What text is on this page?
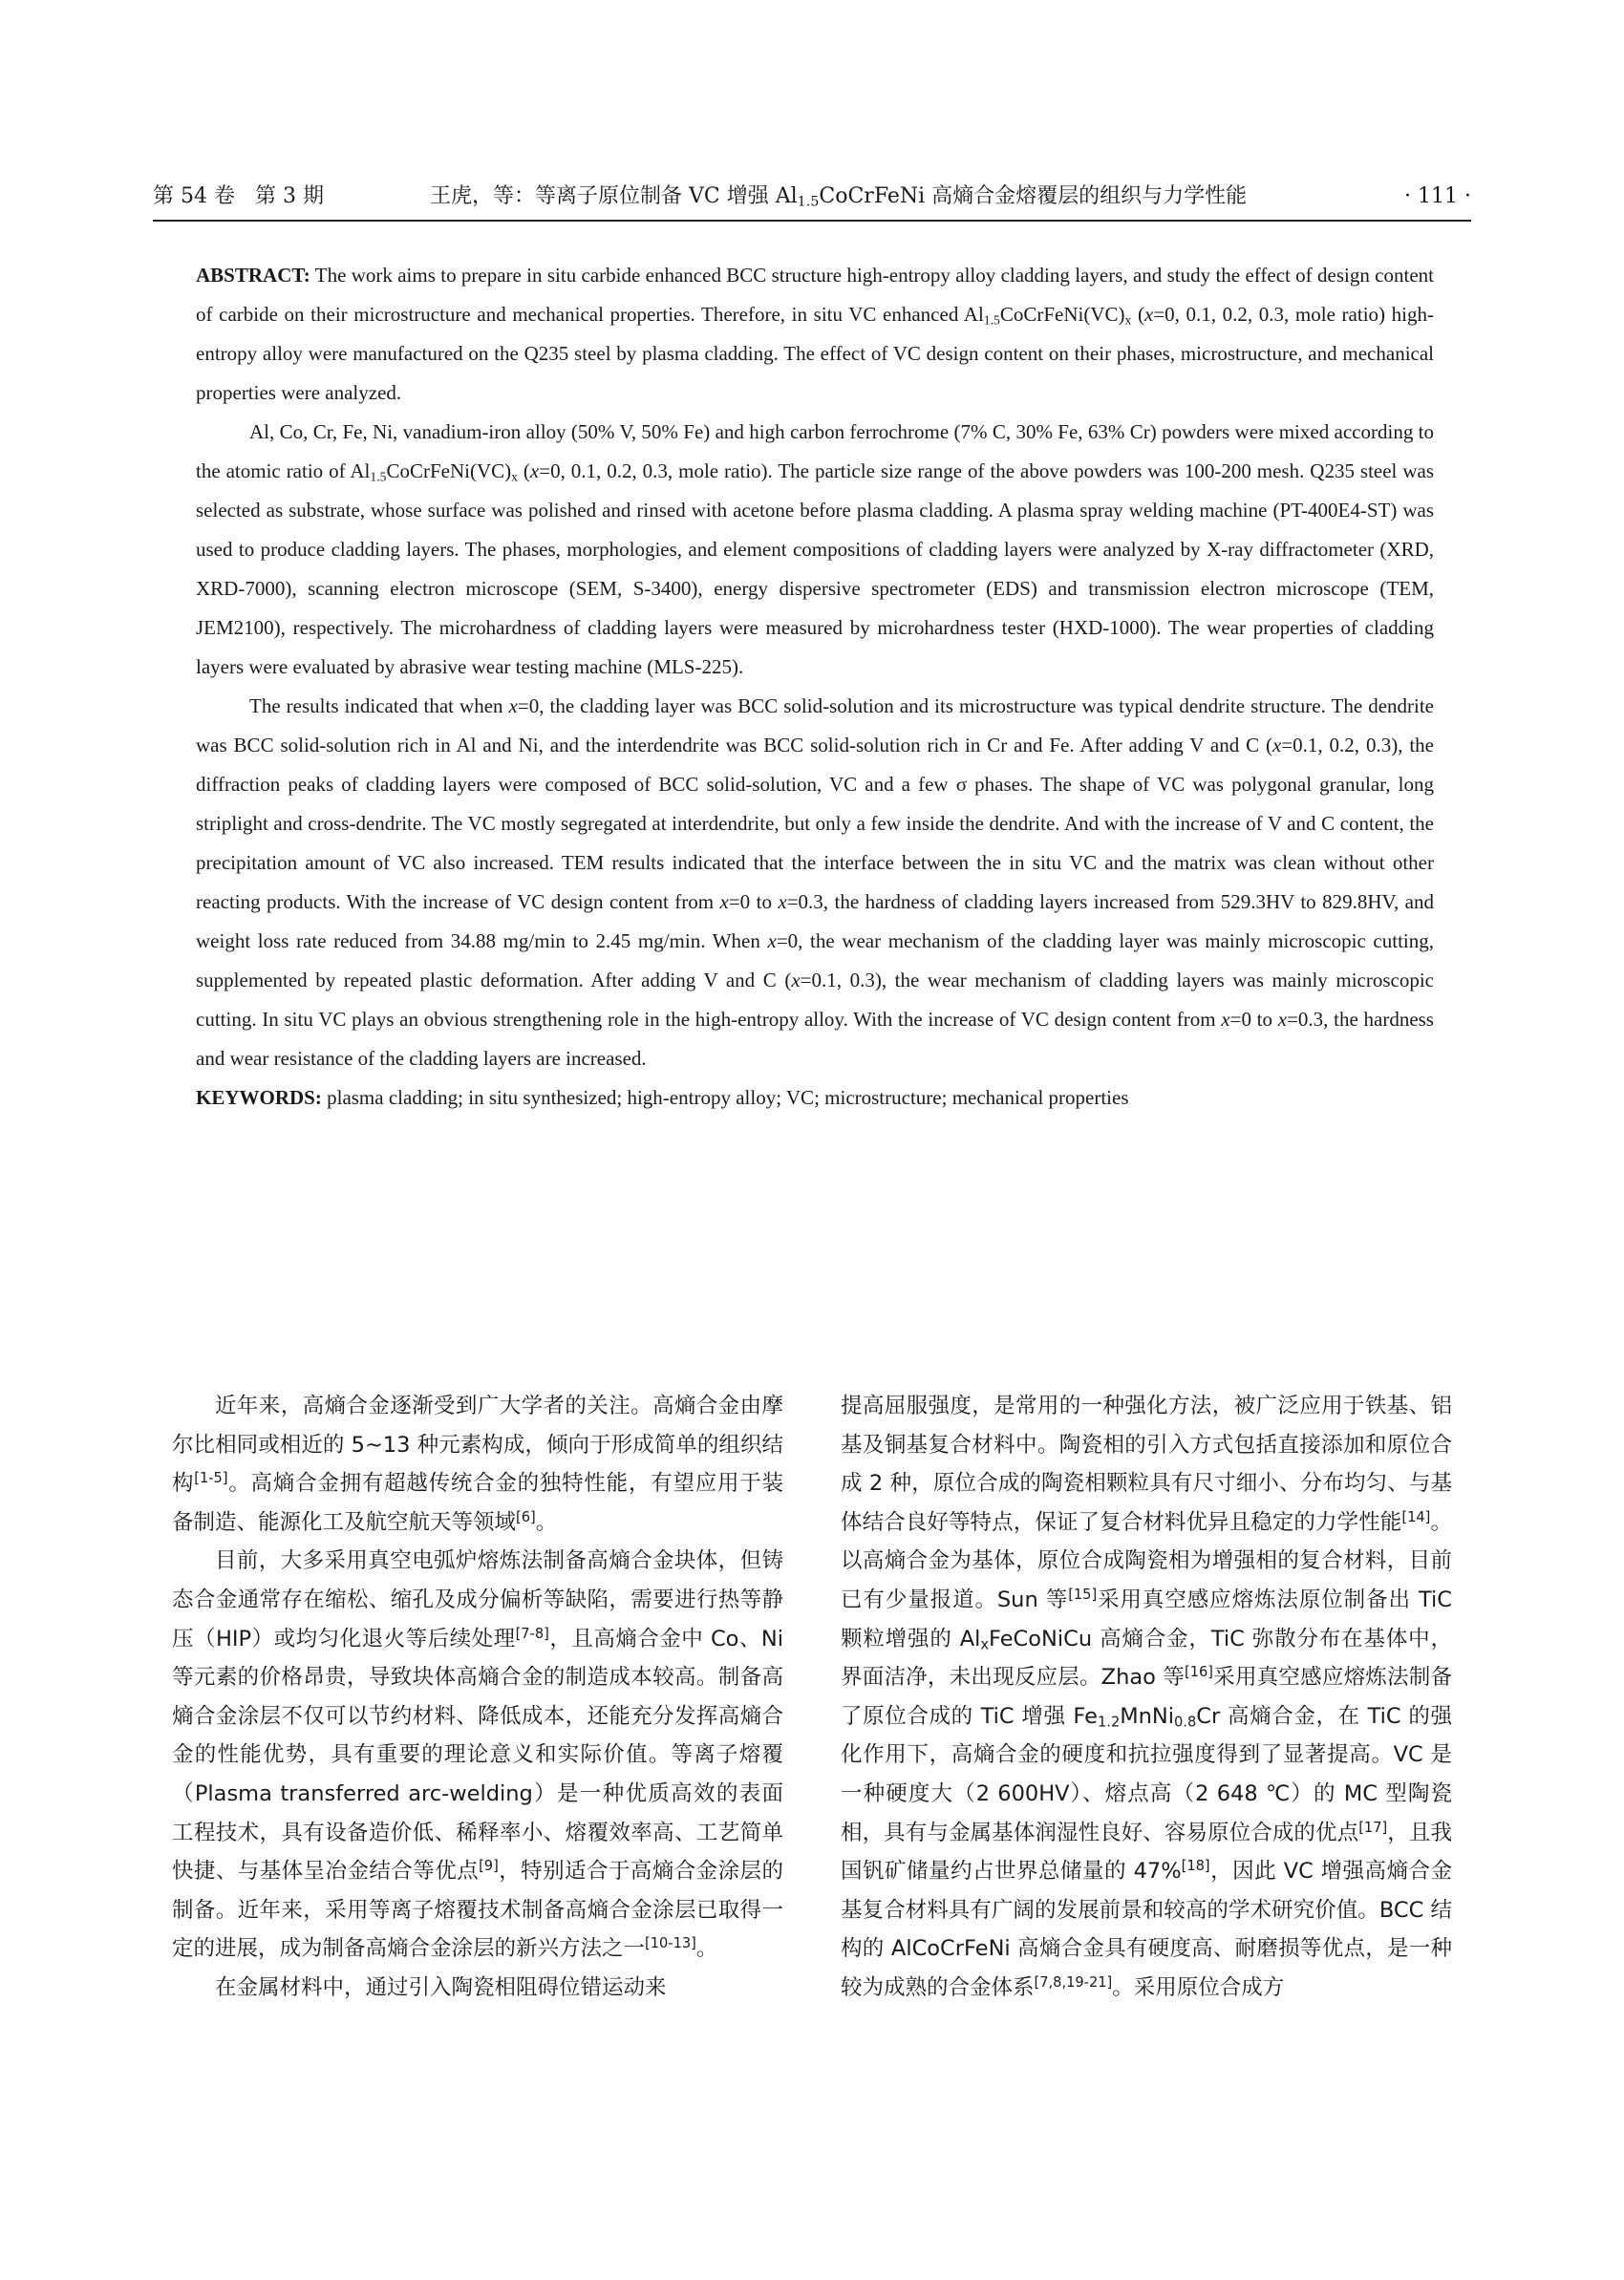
第 54 卷 第 3 期	王虎，等：等离子原位制备 VC 增强 $Al_{1.5}CoCrFeNi$ 高熵合金熔覆层的组织与力学性能	· 111 ·

ABSTRACT: The work aims to prepare in situ carbide enhanced BCC structure high-entropy alloy cladding layers, and study the effect of design content of carbide on their microstructure and mechanical properties. Therefore, in situ VC enhanced $Al_{1.5}CoCrFeNi(VC)_x$ (x=0, 0.1, 0.2, 0.3, mole ratio) high-entropy alloy were manufactured on the Q235 steel by plasma cladding. The effect of VC design content on their phases, microstructure, and mechanical properties were analyzed.

Al, Co, Cr, Fe, Ni, vanadium-iron alloy (50% V, 50% Fe) and high carbon ferrochrome (7% C, 30% Fe, 63% Cr) powders were mixed according to the atomic ratio of $Al_{1.5}CoCrFeNi(VC)_x$ (x=0, 0.1, 0.2, 0.3, mole ratio). The particle size range of the above powders was 100-200 mesh. Q235 steel was selected as substrate, whose surface was polished and rinsed with acetone before plasma cladding. A plasma spray welding machine (PT-400E4-ST) was used to produce cladding layers. The phases, morphologies, and element compositions of cladding layers were analyzed by X-ray diffractometer (XRD, XRD-7000), scanning electron microscope (SEM, S-3400), energy dispersive spectrometer (EDS) and transmission electron microscope (TEM, JEM2100), respectively. The microhardness of cladding layers were measured by microhardness tester (HXD-1000). The wear properties of cladding layers were evaluated by abrasive wear testing machine (MLS-225).

The results indicated that when x=0, the cladding layer was BCC solid-solution and its microstructure was typical dendrite structure. The dendrite was BCC solid-solution rich in Al and Ni, and the interdendrite was BCC solid-solution rich in Cr and Fe. After adding V and C (x=0.1, 0.2, 0.3), the diffraction peaks of cladding layers were composed of BCC solid-solution, VC and a few σ phases. The shape of VC was polygonal granular, long striplight and cross-dendrite. The VC mostly segregated at interdendrite, but only a few inside the dendrite. And with the increase of V and C content, the precipitation amount of VC also increased. TEM results indicated that the interface between the in situ VC and the matrix was clean without other reacting products. With the increase of VC design content from x=0 to x=0.3, the hardness of cladding layers increased from 529.3HV to 829.8HV, and weight loss rate reduced from 34.88 mg/min to 2.45 mg/min. When x=0, the wear mechanism of the cladding layer was mainly microscopic cutting, supplemented by repeated plastic deformation. After adding V and C (x=0.1, 0.3), the wear mechanism of cladding layers was mainly microscopic cutting. In situ VC plays an obvious strengthening role in the high-entropy alloy. With the increase of VC design content from x=0 to x=0.3, the hardness and wear resistance of the cladding layers are increased.

KEYWORDS: plasma cladding; in situ synthesized; high-entropy alloy; VC; microstructure; mechanical properties

近年来，高熵合金逐渐受到广大学者的关注。高熵合金由摩尔比相同或相近的 5~13 种元素构成，倾向于形成简单的组织结构[1-5]。高熵合金拥有超越传统合金的独特性能，有望应用于装备制造、能源化工及航空航天等领域[6]。

目前，大多采用真空电弧炉熔炼法制备高熵合金块体，但铸态合金通常存在缩松、缩孔及成分偏析等缺陷，需要进行热等静压（HIP）或均匀化退火等后续处理[7-8]，且高熵合金中 Co、Ni 等元素的价格昂贵，导致块体高熵合金的制造成本较高。制备高熵合金涂层不仅可以节约材料、降低成本，还能充分发挥高熵合金的性能优势，具有重要的理论意义和实际价值。等离子熔覆（Plasma transferred arc-welding）是一种优质高效的表面工程技术，具有设备造价低、稀释率小、熔覆效率高、工艺简单快捷、与基体呈冶金结合等优点[9]，特别适合于高熵合金涂层的制备。近年来，采用等离子熔覆技术制备高熵合金涂层已取得一定的进展，成为制备高熵合金涂层的新兴方法之一[10-13]。

在金属材料中，通过引入陶瓷相阻碍位错运动来

提高屈服强度，是常用的一种强化方法，被广泛应用于铁基、铝基及铜基复合材料中。陶瓷相的引入方式包括直接添加和原位合成 2 种，原位合成的陶瓷相颗粒具有尺寸细小、分布均匀、与基体结合良好等特点，保证了复合材料优异且稳定的力学性能[14]。以高熵合金为基体，原位合成陶瓷相为增强相的复合材料，目前已有少量报道。Sun 等[15]采用真空感应熔炼法原位制备出 TiC 颗粒增强的 $Al_xFeCoNiCu$ 高熵合金，TiC 弥散分布在基体中，界面洁净，未出现反应层。Zhao 等[16]采用真空感应熔炼法制备了原位合成的 TiC 增强 $Fe_{1.2}MnNi_{0.8}Cr$ 高熵合金，在 TiC 的强化作用下，高熵合金的硬度和抗拉强度得到了显著提高。VC 是一种硬度大（2 600HV）、熔点高（2 648 ℃）的 MC 型陶瓷相，具有与金属基体润湿性良好、容易原位合成的优点[17]，且我国钒矿储量约占世界总储量的 47%[18]，因此 VC 增强高熵合金基复合材料具有广阔的发展前景和较高的学术研究价值。BCC 结构的 AlCoCrFeNi 高熵合金具有硬度高、耐磨损等优点，是一种较为成熟的合金体系[7,8,19-21]。采用原位合成方
